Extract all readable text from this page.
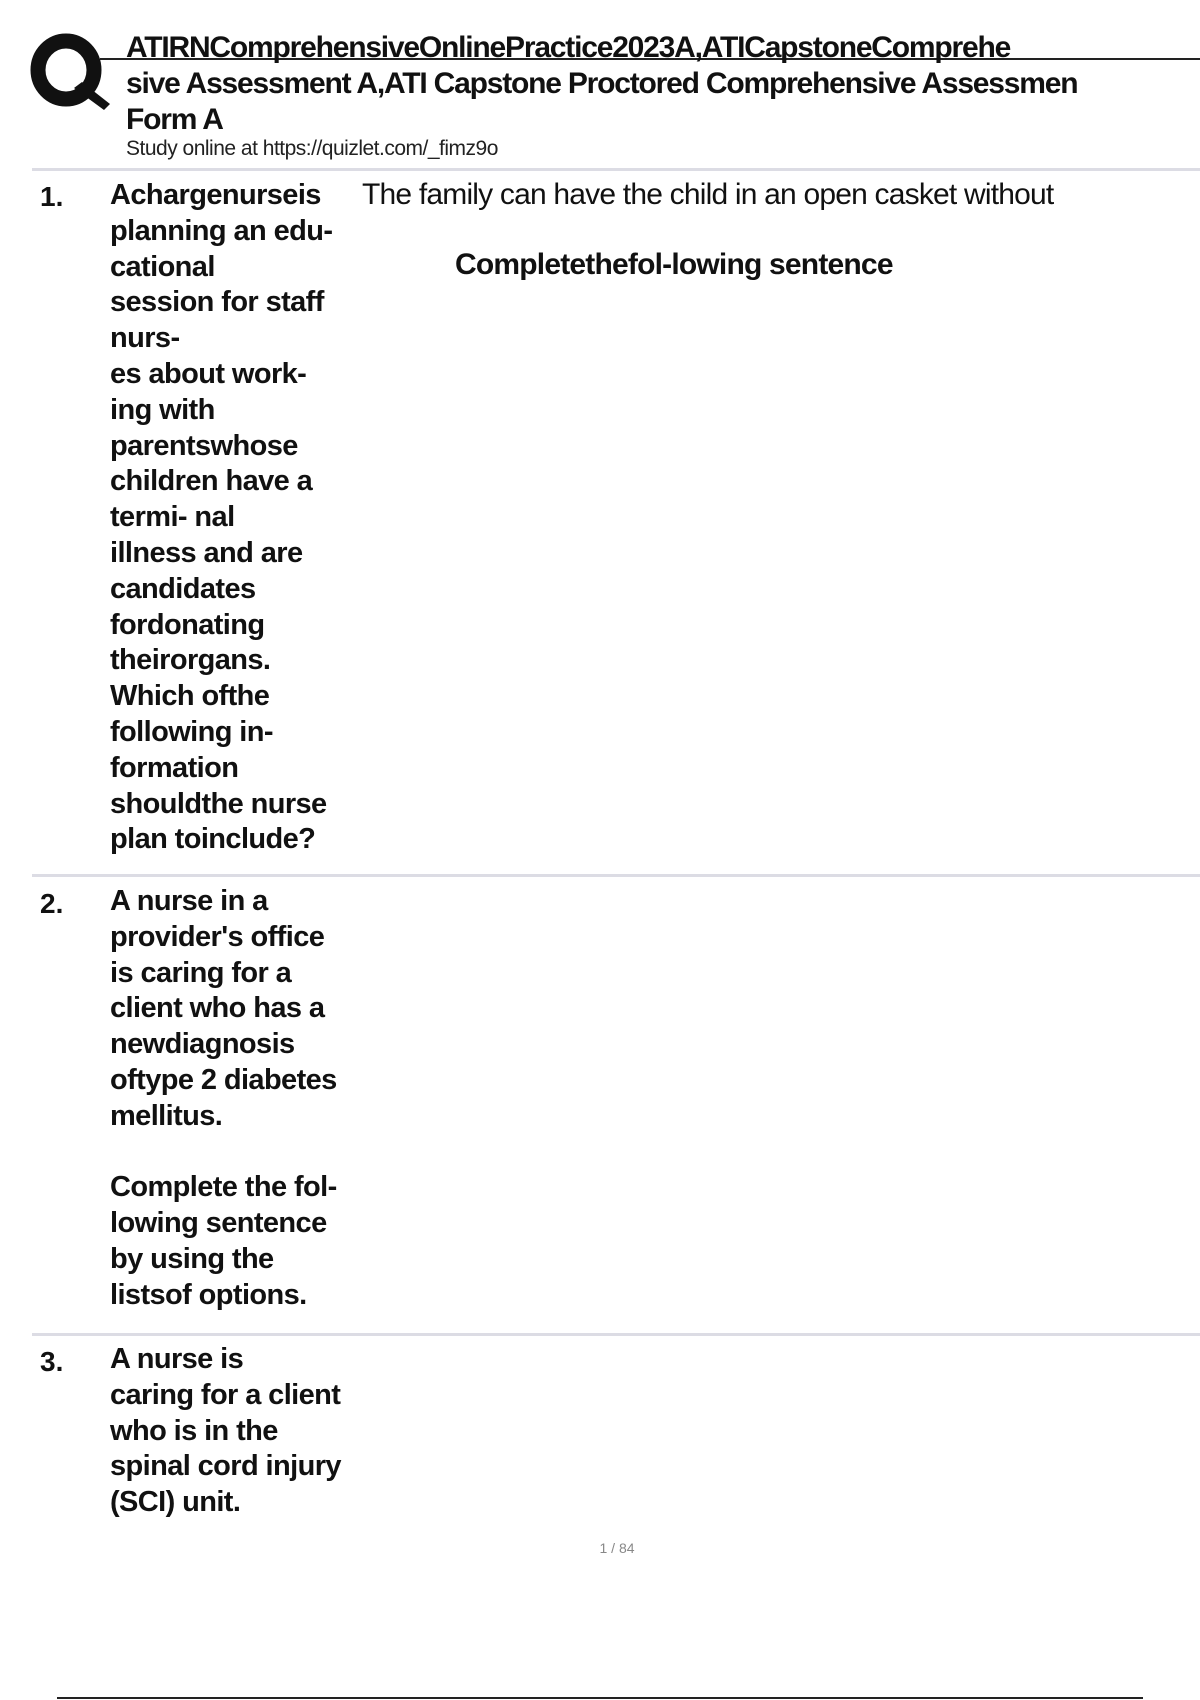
ATIRNComprehensiveOnlinePractice2023A,ATICapstoneComprehe
sive Assessment A,ATI Capstone Proctored Comprehensive Assessmen
Form A
Study online at https://quizlet.com/_fimz9o
1. Achargenurseis
planning an edu-
cational
session for staff
nurs-
es about work-
ing with
parentswhose
children have a
termi- nal
illness and are
candidates
fordonating
theirorgans.
Which ofthe
following in-
formation
shouldthe nurse
plan toinclude?
The family can have the child in an open casket without
Completethefol-lowing sentence
2. A nurse in a
provider's office
is caring for a
client who has a
newdiagnosis
oftype 2 diabetes
mellitus.

Complete the fol-
lowing sentence
by using the
listsof options.
3. A nurse is
caring for a client
who is in the
spinal cord injury
(SCI) unit.
1 / 84
